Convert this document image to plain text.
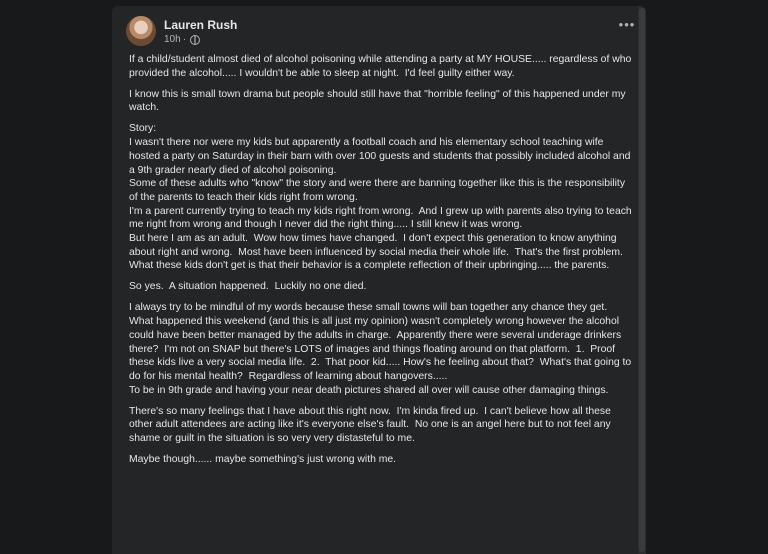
Lauren Rush
10h ·
•••

If a child/student almost died of alcohol poisoning while attending a party at MY HOUSE..... regardless of who provided the alcohol..... I wouldn't be able to sleep at night.  I'd feel guilty either way.

I know this is small town drama but people should still have that "horrible feeling" of this happened under my watch.

Story:
I wasn't there nor were my kids but apparently a football coach and his elementary school teaching wife hosted a party on Saturday in their barn with over 100 guests and students that possibly included alcohol and a 9th grader nearly died of alcohol poisoning.
Some of these adults who "know" the story and were there are banning together like this is the responsibility of the parents to teach their kids right from wrong.
I'm a parent currently trying to teach my kids right from wrong.  And I grew up with parents also trying to teach me right from wrong and though I never did the right thing..... I still knew it was wrong.
But here I am as an adult.  Wow how times have changed.  I don't expect this generation to know anything about right and wrong.  Most have been influenced by social media their whole life.  That's the first problem.
What these kids don't get is that their behavior is a complete reflection of their upbringing..... the parents.

So yes.  A situation happened.  Luckily no one died.

I always try to be mindful of my words because these small towns will ban together any chance they get.  What happened this weekend (and this is all just my opinion) wasn't completely wrong however the alcohol could have been better managed by the adults in charge.  Apparently there were several underage drinkers there?  I'm not on SNAP but there's LOTS of images and things floating around on that platform.  1.  Proof these kids live a very social media life.  2.  That poor kid..... How's he feeling about that?  What's that going to do for his mental health?  Regardless of learning about hangovers.....
To be in 9th grade and having your near death pictures shared all over will cause other damaging things.

There's so many feelings that I have about this right now.  I'm kinda fired up.  I can't believe how all these other adult attendees are acting like it's everyone else's fault.  No one is an angel here but to not feel any shame or guilt in the situation is so very very distasteful to me.

Maybe though...... maybe something's just wrong with me.
